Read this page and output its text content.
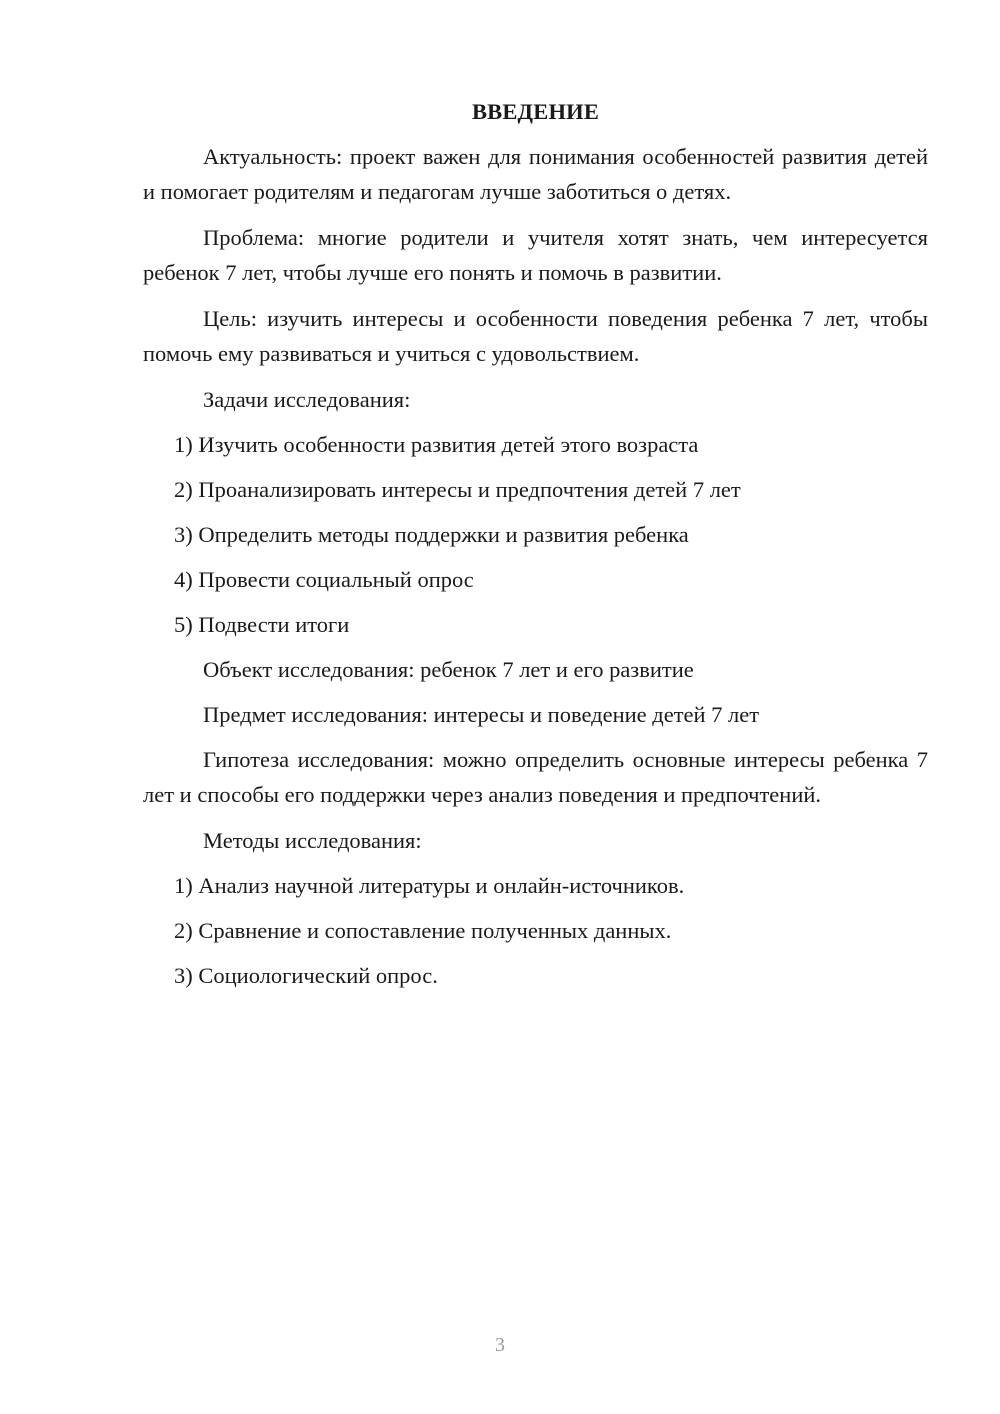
ВВЕДЕНИЕ

Актуальность: проект важен для понимания особенностей развития детей и помогает родителям и педагогам лучше заботиться о детях.

Проблема: многие родители и учителя хотят знать, чем интересуется ребенок 7 лет, чтобы лучше его понять и помочь в развитии.

Цель: изучить интересы и особенности поведения ребенка 7 лет, чтобы помочь ему развиваться и учиться с удовольствием.

Задачи исследования:
1) Изучить особенности развития детей этого возраста
2) Проанализировать интересы и предпочтения детей 7 лет
3) Определить методы поддержки и развития ребенка
4) Провести социальный опрос
5) Подвести итоги
Объект исследования: ребенок 7 лет и его развитие
Предмет исследования: интересы и поведение детей 7 лет

Гипотеза исследования: можно определить основные интересы ребенка 7 лет и способы его поддержки через анализ поведения и предпочтений.

Методы исследования:
1) Анализ научной литературы и онлайн-источников.
2) Сравнение и сопоставление полученных данных.
3) Социологический опрос.
3
